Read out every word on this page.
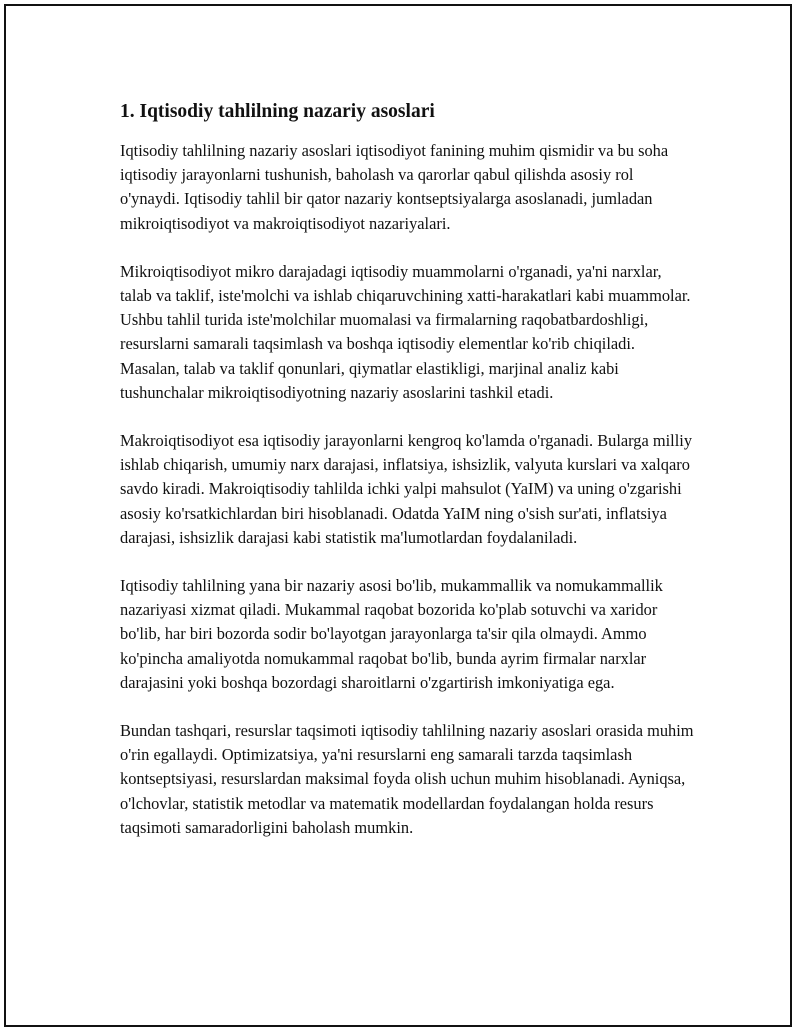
1. Iqtisodiy tahlilning nazariy asoslari

Iqtisodiy tahlilning nazariy asoslari iqtisodiyot fanining muhim qismidir va bu soha iqtisodiy jarayonlarni tushunish, baholash va qarorlar qabul qilishda asosiy rol o'ynaydi. Iqtisodiy tahlil bir qator nazariy kontseptsiyalarga asoslanadi, jumladan mikroiqtisodiyot va makroiqtisodiyot nazariyalari.

Mikroiqtisodiyot mikro darajadagi iqtisodiy muammolarni o'rganadi, ya'ni narxlar, talab va taklif, iste'molchi va ishlab chiqaruvchining xatti-harakatlari kabi muammolar. Ushbu tahlil turida iste'molchilar muomalasi va firmalarning raqobatbardoshligi, resurslarni samarali taqsimlash va boshqa iqtisodiy elementlar ko'rib chiqiladi. Masalan, talab va taklif qonunlari, qiymatlar elastikligi, marjinal analiz kabi tushunchalar mikroiqtisodiyotning nazariy asoslarini tashkil etadi.

Makroiqtisodiyot esa iqtisodiy jarayonlarni kengroq ko'lamda o'rganadi. Bularga milliy ishlab chiqarish, umumiy narx darajasi, inflatsiya, ishsizlik, valyuta kurslari va xalqaro savdo kiradi. Makroiqtisodiy tahlilda ichki yalpi mahsulot (YaIM) va uning o'zgarishi asosiy ko'rsatkichlardan biri hisoblanadi. Odatda YaIM ning o'sish sur'ati, inflatsiya darajasi, ishsizlik darajasi kabi statistik ma'lumotlardan foydalaniladi.

Iqtisodiy tahlilning yana bir nazariy asosi bo'lib, mukammallik va nomukammallik nazariyasi xizmat qiladi. Mukammal raqobat bozorida ko'plab sotuvchi va xaridor bo'lib, har biri bozorda sodir bo'layotgan jarayonlarga ta'sir qila olmaydi. Ammo ko'pincha amaliyotda nomukammal raqobat bo'lib, bunda ayrim firmalar narxlar darajasini yoki boshqa bozordagi sharoitlarni o'zgartirish imkoniyatiga ega.

Bundan tashqari, resurslar taqsimoti iqtisodiy tahlilning nazariy asoslari orasida muhim o'rin egallaydi. Optimizatsiya, ya'ni resurslarni eng samarali tarzda taqsimlash kontseptsiyasi, resurslardan maksimal foyda olish uchun muhim hisoblanadi. Ayniqsa, o'lchovlar, statistik metodlar va matematik modellardan foydalangan holda resurs taqsimoti samaradorligini baholash mumkin.
